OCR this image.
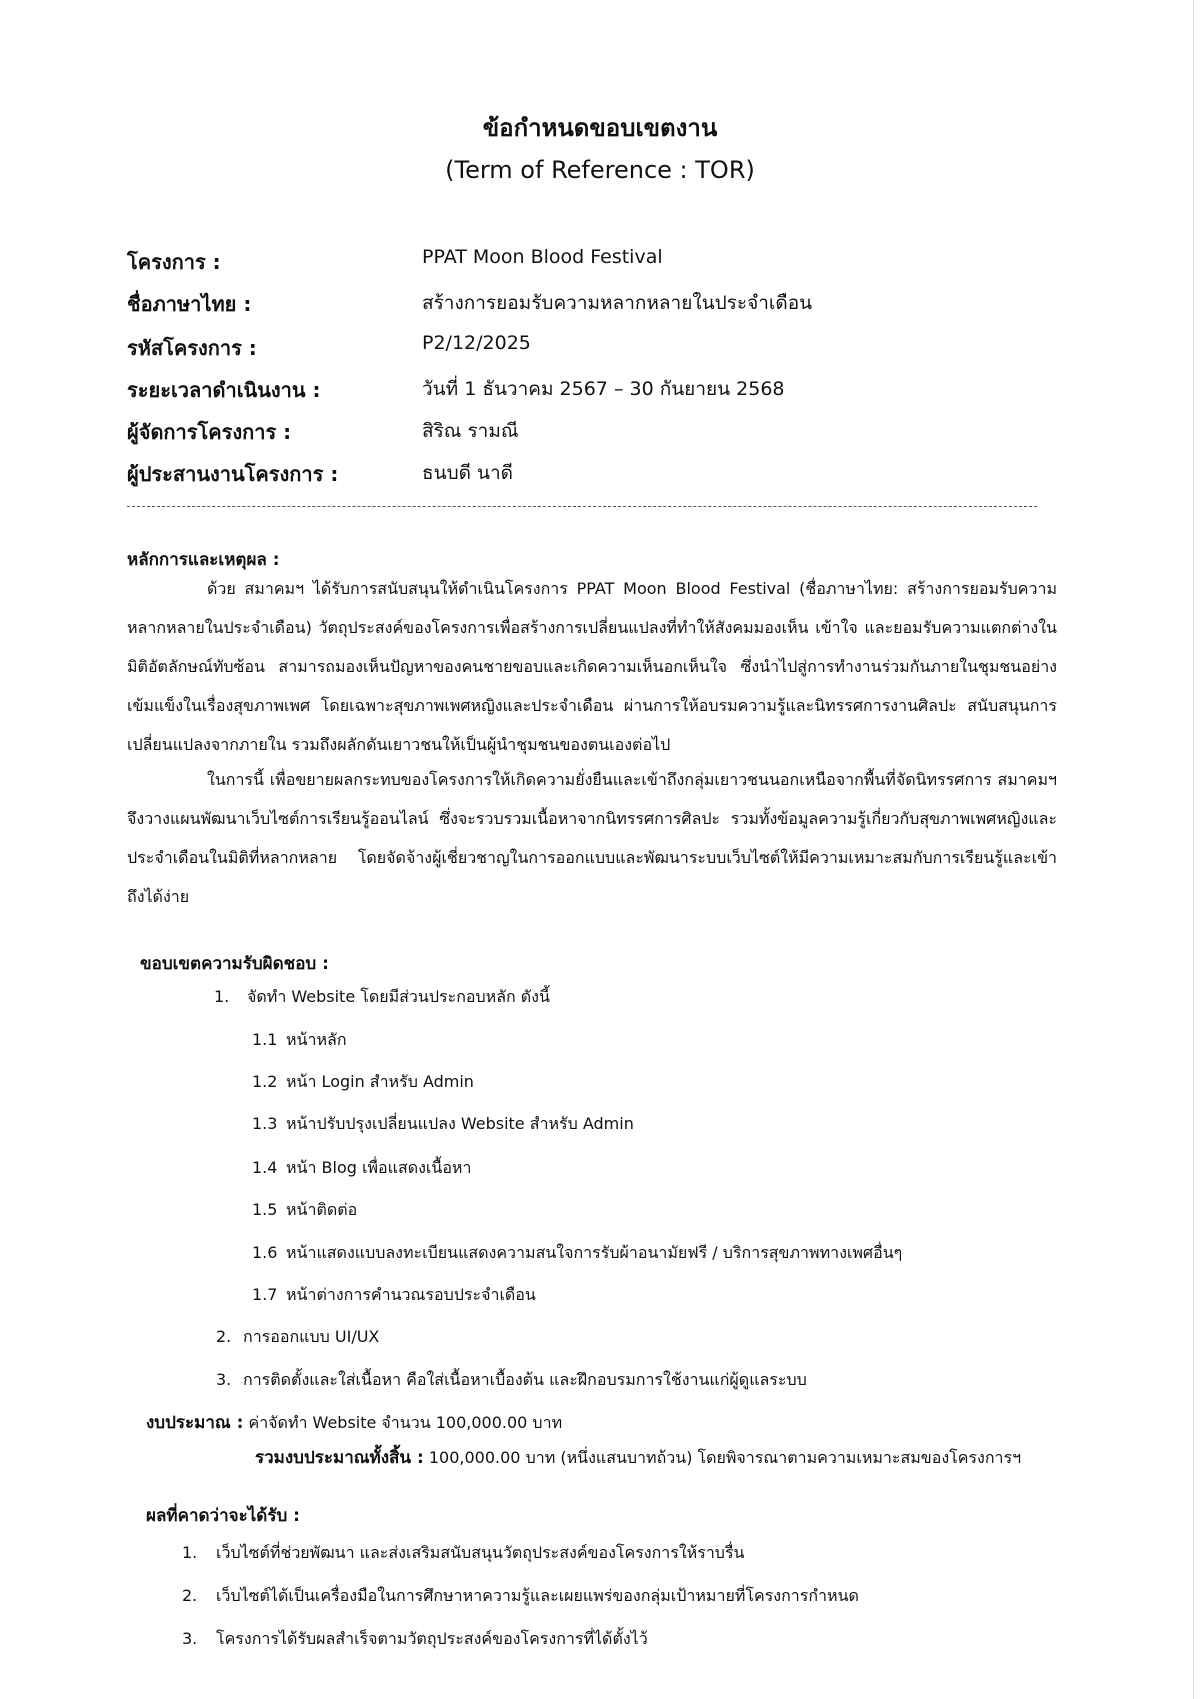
ข้อกำหนดขอบเขตงาน
(Term of Reference : TOR)
โครงการ :	PPAT Moon Blood Festival
ชื่อภาษาไทย :	สร้างการยอมรับความหลากหลายในประจำเดือน
รหัสโครงการ :	P2/12/2025
ระยะเวลาดำเนินงาน :	วันที่ 1 ธันวาคม 2567 – 30 กันยายน 2568
ผู้จัดการโครงการ :	สิริณ รามณี
ผู้ประสานงานโครงการ :	ธนบดี นาดี
หลักการและเหตุผล :
ด้วย สมาคมฯ ได้รับการสนับสนุนให้ดำเนินโครงการ PPAT Moon Blood Festival (ชื่อภาษาไทย: สร้างการยอมรับความหลากหลายในประจำเดือน) วัตถุประสงค์ของโครงการเพื่อสร้างการเปลี่ยนแปลงที่ทำให้สังคมมองเห็น เข้าใจ และยอมรับความแตกต่างในมิติอัตลักษณ์ทับซ้อน สามารถมองเห็นปัญหาของคนชายขอบและเกิดความเห็นอกเห็นใจ ซึ่งนำไปสู่การทำงานร่วมกันภายในชุมชนอย่างเข้มแข็งในเรื่องสุขภาพเพศ โดยเฉพาะสุขภาพเพศหญิงและประจำเดือน ผ่านการให้อบรมความรู้และนิทรรศการงานศิลปะ สนับสนุนการเปลี่ยนแปลงจากภายใน รวมถึงผลักดันเยาวชนให้เป็นผู้นำชุมชนของตนเองต่อไป
ในการนี้ เพื่อขยายผลกระทบของโครงการให้เกิดความยั่งยืนและเข้าถึงกลุ่มเยาวชนนอกเหนือจากพื้นที่จัดนิทรรศการ สมาคมฯ จึงวางแผนพัฒนาเว็บไซต์การเรียนรู้ออนไลน์ ซึ่งจะรวบรวมเนื้อหาจากนิทรรศการศิลปะ รวมทั้งข้อมูลความรู้เกี่ยวกับสุขภาพเพศหญิงและประจำเดือนในมิติที่หลากหลาย โดยจัดจ้างผู้เชี่ยวชาญในการออกแบบและพัฒนาระบบเว็บไซต์ให้มีความเหมาะสมกับการเรียนรู้และเข้าถึงได้ง่าย
ขอบเขตความรับผิดชอบ :
1. จัดทำ Website โดยมีส่วนประกอบหลัก ดังนี้
1.1 หน้าหลัก
1.2 หน้า Login สำหรับ Admin
1.3 หน้าปรับปรุงเปลี่ยนแปลง Website สำหรับ Admin
1.4 หน้า Blog เพื่อแสดงเนื้อหา
1.5 หน้าติดต่อ
1.6 หน้าแสดงแบบลงทะเบียนแสดงความสนใจการรับผ้าอนามัยฟรี / บริการสุขภาพทางเพศอื่นๆ
1.7 หน้าต่างการคำนวณรอบประจำเดือน
2. การออกแบบ UI/UX
3. การติดตั้งและใส่เนื้อหา คือใส่เนื้อหาเบื้องต้น และฝึกอบรมการใช้งานแก่ผู้ดูแลระบบ
งบประมาณ : ค่าจัดทำ Website จำนวน 100,000.00 บาท
รวมงบประมาณทั้งสิ้น : 100,000.00 บาท (หนึ่งแสนบาทถ้วน) โดยพิจารณาตามความเหมาะสมของโครงการฯ
ผลที่คาดว่าจะได้รับ :
1. เว็บไซต์ที่ช่วยพัฒนา และส่งเสริมสนับสนุนวัตถุประสงค์ของโครงการให้ราบรื่น
2. เว็บไซต์ได้เป็นเครื่องมือในการศึกษาหาความรู้และเผยแพร่ของกลุ่มเป้าหมายที่โครงการกำหนด
3. โครงการได้รับผลสำเร็จตามวัตถุประสงค์ของโครงการที่ได้ตั้งไว้
